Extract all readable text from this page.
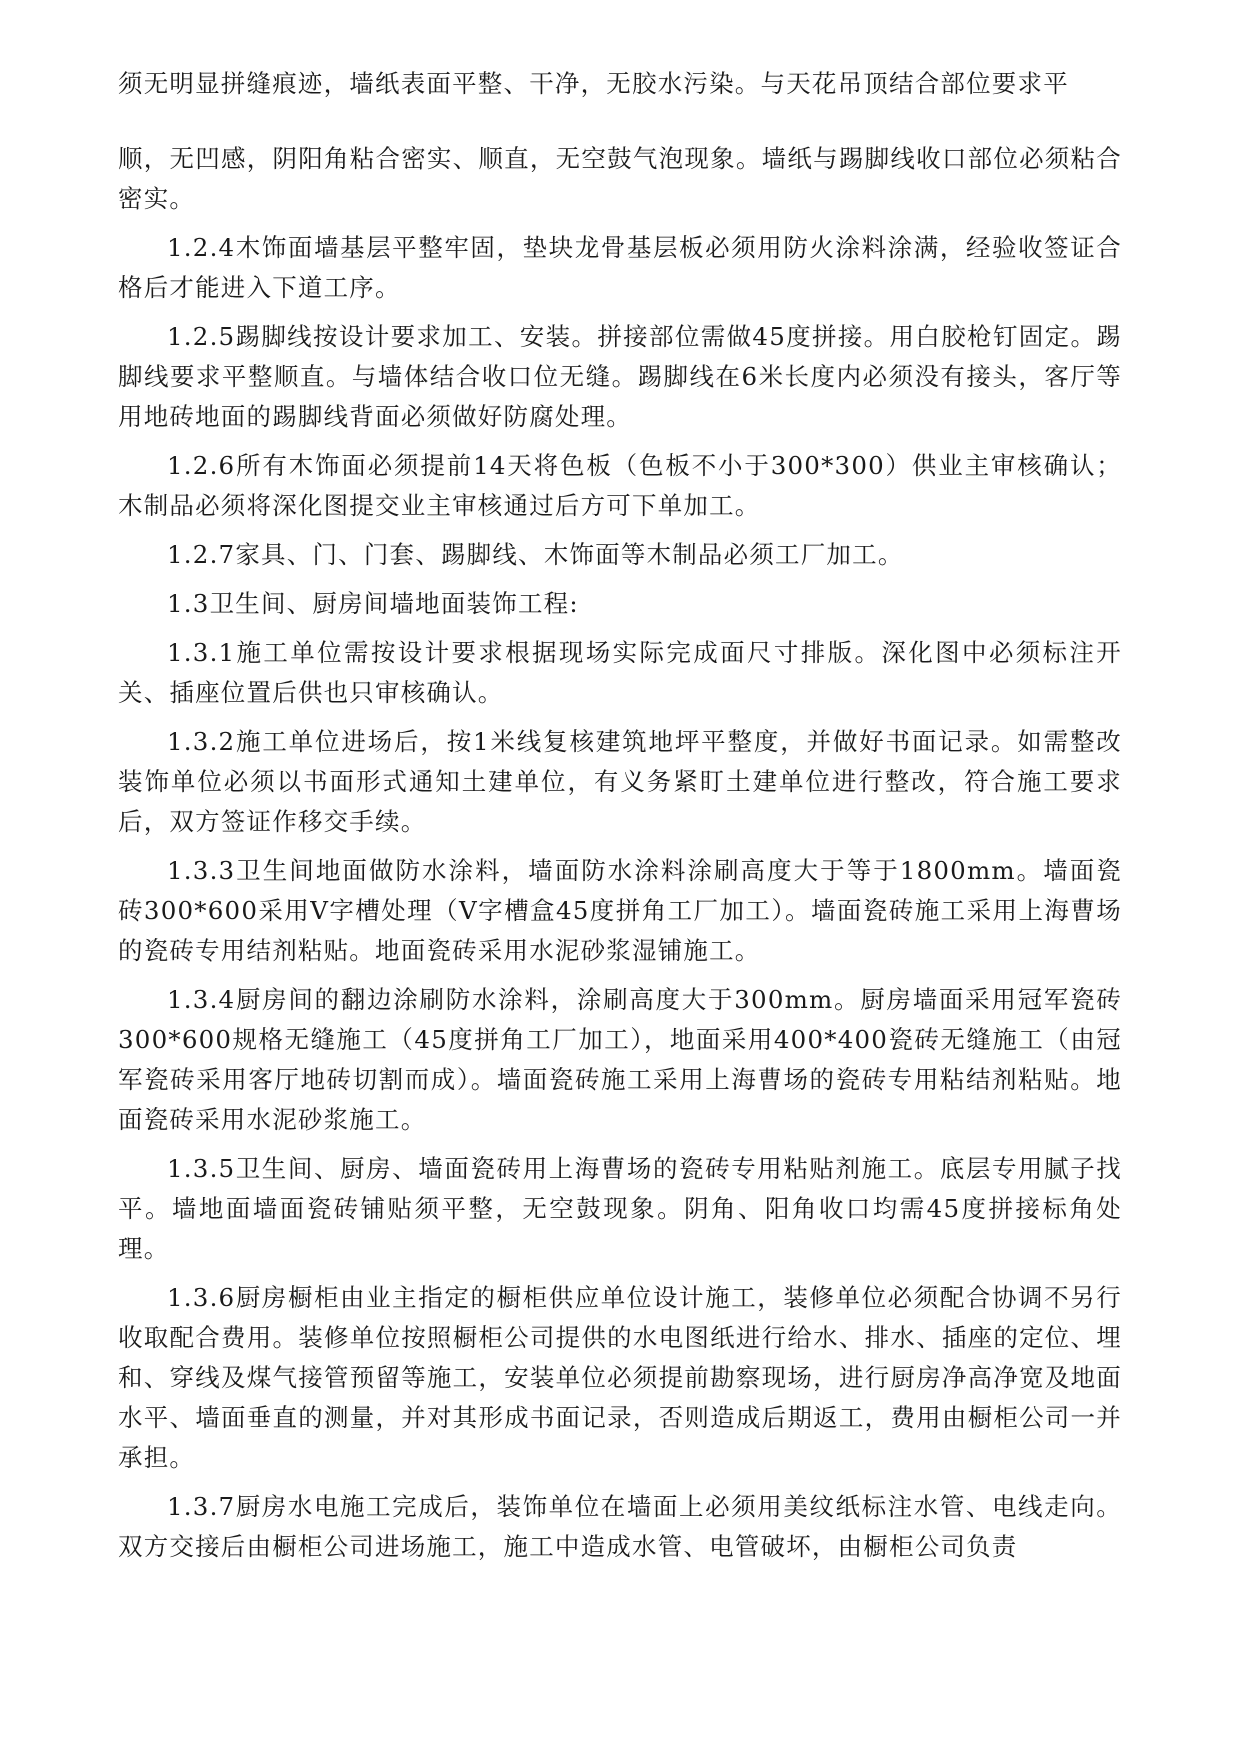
须无明显拼缝痕迹，墙纸表面平整、干净，无胶水污染。与天花吊顶结合部位要求平

顺，无凹感，阴阳角粘合密实、顺直，无空鼓气泡现象。墙纸与踢脚线收口部位必须粘合密实。

1.2.4木饰面墙基层平整牢固，垫块龙骨基层板必须用防火涂料涂满，经验收签证合格后才能进入下道工序。

1.2.5踢脚线按设计要求加工、安装。拼接部位需做45度拼接。用白胶枪钉固定。踢脚线要求平整顺直。与墙体结合收口位无缝。踢脚线在6米长度内必须没有接头，客厅等用地砖地面的踢脚线背面必须做好防腐处理。

1.2.6所有木饰面必须提前14天将色板（色板不小于300*300）供业主审核确认；木制品必须将深化图提交业主审核通过后方可下单加工。

1.2.7家具、门、门套、踢脚线、木饰面等木制品必须工厂加工。

1.3卫生间、厨房间墙地面装饰工程:

1.3.1施工单位需按设计要求根据现场实际完成面尺寸排版。深化图中必须标注开关、插座位置后供也只审核确认。

1.3.2施工单位进场后，按1米线复核建筑地坪平整度，并做好书面记录。如需整改装饰单位必须以书面形式通知土建单位，有义务紧盯土建单位进行整改，符合施工要求后，双方签证作移交手续。

1.3.3卫生间地面做防水涂料，墙面防水涂料涂刷高度大于等于1800mm。墙面瓷砖300*600采用V字槽处理（V字槽盒45度拼角工厂加工）。墙面瓷砖施工采用上海曹场的瓷砖专用结剂粘贴。地面瓷砖采用水泥砂浆湿铺施工。

1.3.4厨房间的翻边涂刷防水涂料，涂刷高度大于300mm。厨房墙面采用冠军瓷砖300*600规格无缝施工（45度拼角工厂加工），地面采用400*400瓷砖无缝施工（由冠军瓷砖采用客厅地砖切割而成）。墙面瓷砖施工采用上海曹场的瓷砖专用粘结剂粘贴。地面瓷砖采用水泥砂浆施工。

1.3.5卫生间、厨房、墙面瓷砖用上海曹场的瓷砖专用粘贴剂施工。底层专用腻子找平。墙地面墙面瓷砖铺贴须平整，无空鼓现象。阴角、阳角收口均需45度拼接标角处理。

1.3.6厨房橱柜由业主指定的橱柜供应单位设计施工，装修单位必须配合协调不另行收取配合费用。装修单位按照橱柜公司提供的水电图纸进行给水、排水、插座的定位、埋和、穿线及煤气接管预留等施工，安装单位必须提前勘察现场，进行厨房净高净宽及地面水平、墙面垂直的测量，并对其形成书面记录，否则造成后期返工，费用由橱柜公司一并承担。

1.3.7厨房水电施工完成后，装饰单位在墙面上必须用美纹纸标注水管、电线走向。双方交接后由橱柜公司进场施工，施工中造成水管、电管破坏，由橱柜公司负责
